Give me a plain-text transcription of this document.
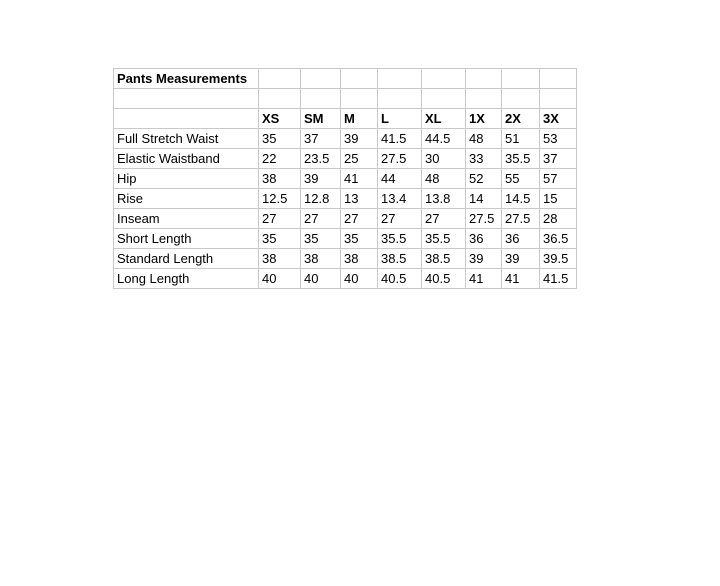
Pants Measurements								

	XS	SM	M	L	XL	1X	2X	3X
Full Stretch Waist	35	37	39	41.5	44.5	48	51	53
Elastic Waistband	22	23.5	25	27.5	30	33	35.5	37
Hip	38	39	41	44	48	52	55	57
Rise	12.5	12.8	13	13.4	13.8	14	14.5	15
Inseam	27	27	27	27	27	27.5	27.5	28
Short Length	35	35	35	35.5	35.5	36	36	36.5
Standard Length	38	38	38	38.5	38.5	39	39	39.5
Long Length	40	40	40	40.5	40.5	41	41	41.5
